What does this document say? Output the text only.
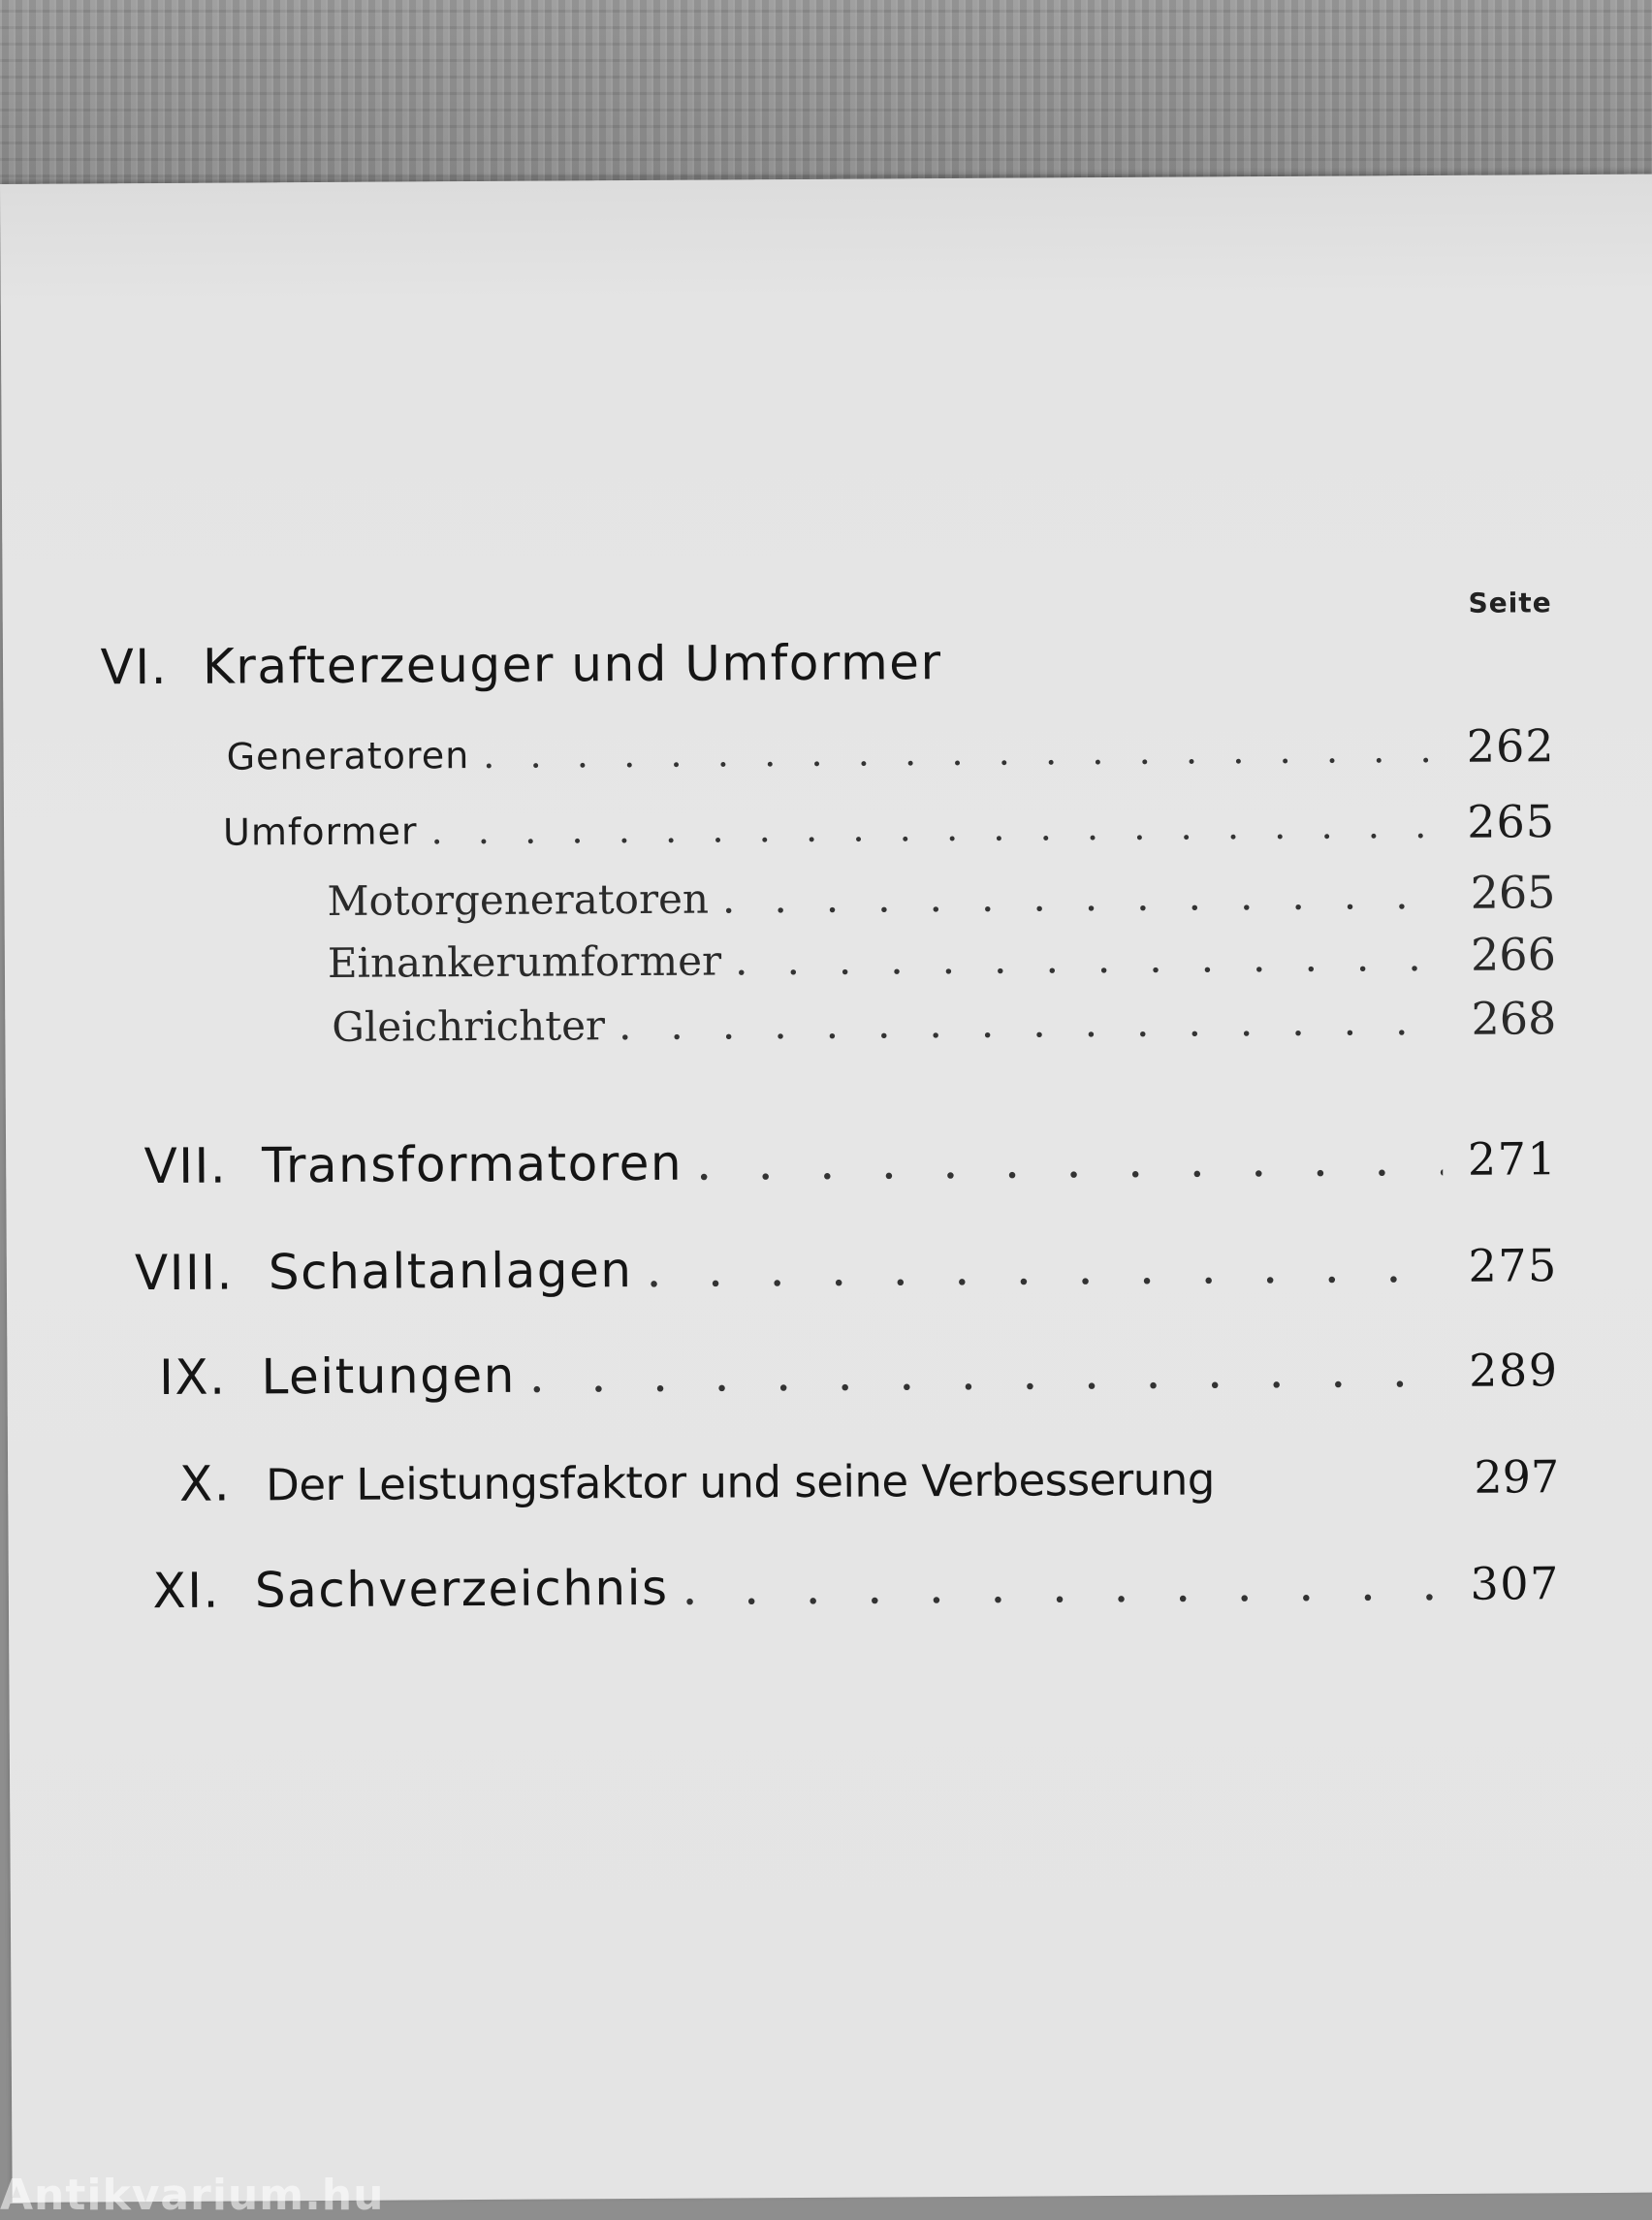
Seite
VI. Krafterzeuger und Umformer
Generatoren . .	262
Umformer . .	265
Motorgeneratoren . .	265
Einankerumformer . .	266
Gleichrichter . .	268
VII. Transformatoren . .	271
VIII. Schaltanlagen . .	275
IX. Leitungen . .	289
X. Der Leistungsfaktor und seine Verbesserung	297
XI. Sachverzeichnis . .	307
Antikvarium.hu
